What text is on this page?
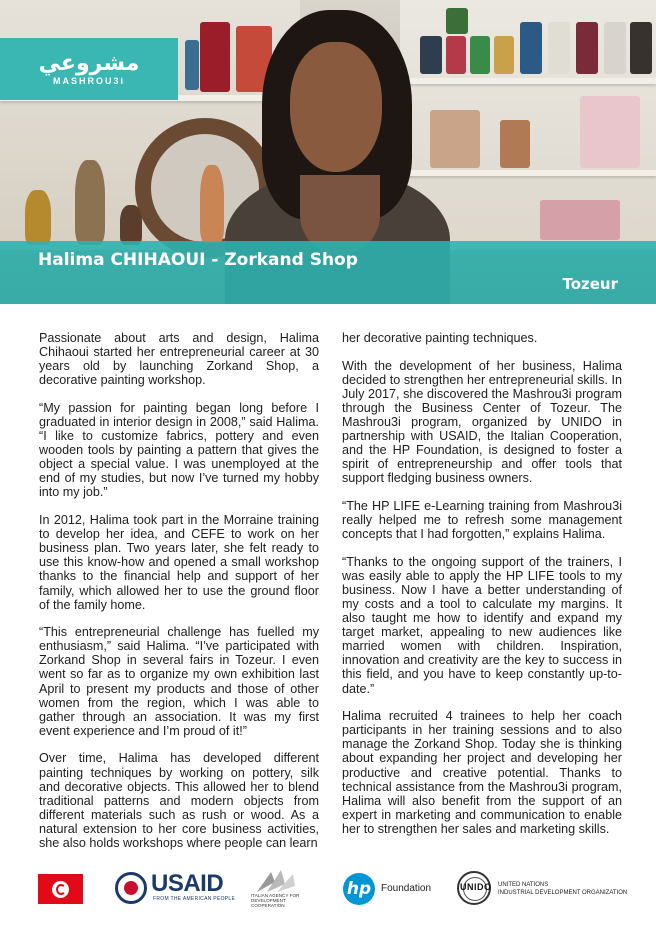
مشروعي
MASHROU3i
Halima CHIHAOUI - Zorkand Shop
Tozeur

Passionate about arts and design, Halima Chihaoui started her entrepreneurial career at 30 years old by launching Zorkand Shop, a decorative painting workshop.

“My passion for painting began long before I graduated in interior design in 2008,” said Halima. “I like to customize fabrics, pottery and even wooden tools by painting a pattern that gives the object a special value. I was unemployed at the end of my studies, but now I’ve turned my hobby into my job.”

In 2012, Halima took part in the Morraine training to develop her idea, and CEFE to work on her business plan. Two years later, she felt ready to use this know-how and opened a small workshop thanks to the financial help and support of her family, which allowed her to use the ground floor of the family home.

“This entrepreneurial challenge has fuelled my enthusiasm,” said Halima. “I’ve participated with Zorkand Shop in several fairs in Tozeur. I even went so far as to organize my own exhibition last April to present my products and those of other women from the region, which I was able to gather through an association. It was my first event experience and I’m proud of it!”

Over time, Halima has developed different painting techniques by working on pottery, silk and decorative objects. This allowed her to blend traditional patterns and modern objects from different materials such as rush or wood. As a natural extension to her core business activities, she also holds workshops where people can learn

her decorative painting techniques.

With the development of her business, Halima decided to strengthen her entrepreneurial skills. In July 2017, she discovered the Mashrou3i program through the Business Center of Tozeur. The Mashrou3i program, organized by UNIDO in partnership with USAID, the Italian Cooperation, and the HP Foundation, is designed to foster a spirit of entrepreneurship and offer tools that support fledging business owners.

“The HP LIFE e-Learning training from Mashrou3i really helped me to refresh some management concepts that I had forgotten,” explains Halima.

“Thanks to the ongoing support of the trainers, I was easily able to apply the HP LIFE tools to my business. Now I have a better understanding of my costs and a tool to calculate my margins. It also taught me how to identify and expand my target market, appealing to new audiences like married women with children. Inspiration, innovation and creativity are the key to success in this field, and you have to keep constantly up-to-date.”

Halima recruited 4 trainees to help her coach participants in her training sessions and to also manage the Zorkand Shop. Today she is thinking about expanding her project and developing her productive and creative potential. Thanks to technical assistance from the Mashrou3i program, Halima will also benefit from the support of an expert in marketing and communication to enable her to strengthen her sales and marketing skills.

USAID
FROM THE AMERICAN PEOPLE
ITALIAN AGENCY FOR DEVELOPMENT COOPERATION
hp Foundation	UNIDO UNITED NATIONS
INDUSTRIAL DEVELOPMENT ORGANIZATION
